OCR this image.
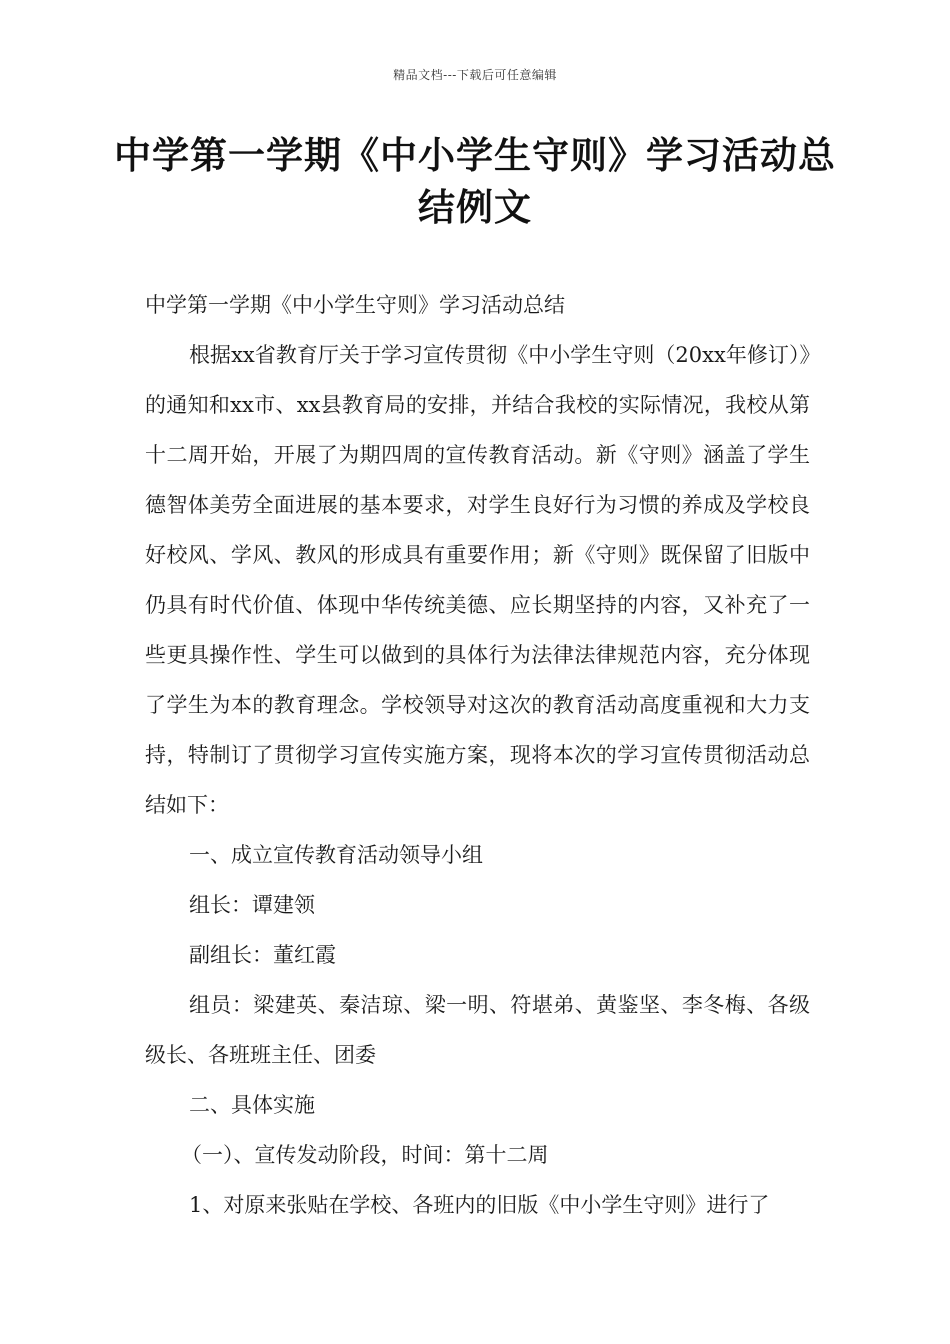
精品文档---下载后可任意编辑
中学第一学期《中小学生守则》学习活动总结例文

中学第一学期《中小学生守则》学习活动总结

根据xx省教育厅关于学习宣传贯彻《中小学生守则（20xx年修订）》的通知和xx市、xx县教育局的安排，并结合我校的实际情况，我校从第十二周开始，开展了为期四周的宣传教育活动。新《守则》涵盖了学生德智体美劳全面进展的基本要求，对学生良好行为习惯的养成及学校良好校风、学风、教风的形成具有重要作用；新《守则》既保留了旧版中仍具有时代价值、体现中华传统美德、应长期坚持的内容，又补充了一些更具操作性、学生可以做到的具体行为法律法律规范内容，充分体现了学生为本的教育理念。学校领导对这次的教育活动高度重视和大力支持，特制订了贯彻学习宣传实施方案，现将本次的学习宣传贯彻活动总结如下：

一、成立宣传教育活动领导小组

组长：谭建领

副组长：董红霞

组员：梁建英、秦洁琼、梁一明、符堪弟、黄鉴坚、李冬梅、各级级长、各班班主任、团委

二、具体实施

（一）、宣传发动阶段，时间：第十二周

1、对原来张贴在学校、各班内的旧版《中小学生守则》进行了
